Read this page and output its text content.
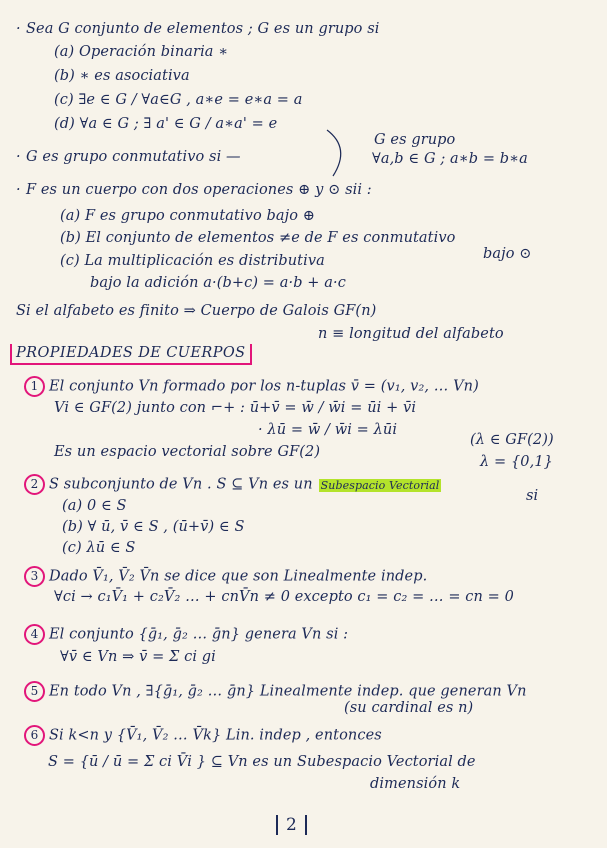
PROPIEDADES DE CUERPOS
2
· Sea G conjunto de elementos ; G es un grupo si
(a) Operación binaria ∗
(b) ∗ es asociativa
(c) ∃e ∈ G / ∀a∈G , a∗e = e∗a = a
(d) ∀a ∈ G ; ∃ a' ∈ G / a∗a' = e
G es grupo
· G es grupo conmutativo si —	∀a,b ∈ G ; a∗b = b∗a
· F es un cuerpo con dos operaciones ⊕ y ⊙ sii :
(a) F es grupo conmutativo bajo ⊕
(b) El conjunto de elementos ≠e de F es conmutativo
bajo ⊙
(c) La multiplicación es distributiva
bajo la adición a·(b+c) = a·b + a·c
Si el alfabeto es finito ⇒ Cuerpo de Galois GF(n)
n ≡ longitud del alfabeto
1 El conjunto Vn formado por los n-tuplas v̄ = (v₁, v₂, … Vn)
Vi ∈ GF(2) junto con ⌐+ : ū+v̄ = w̄ / w̄i = ūi + v̄i
· λū = w̄ / w̄i = λūi
(λ ∈ GF(2))
Es un espacio vectorial sobre GF(2)
λ = {0,1}
2 S subconjunto de Vn . S ⊆ Vn es un Subespacio Vectorial
si
(a) 0 ∈ S
(b) ∀ ū, v̄ ∈ S , (ū+v̄) ∈ S
(c) λū ∈ S
3 Dado V̄₁, V̄₂ V̄n se dice que son Linealmente indep.
∀ci → c₁V̄₁ + c₂V̄₂ … + cnV̄n ≠ 0 excepto c₁ = c₂ = … = cn = 0
4 El conjunto {ḡ₁, ḡ₂ … ḡn} genera Vn si :
∀v̄ ∈ Vn ⇒ v̄ = Σ ci gi
5 En todo Vn , ∃{ḡ₁, ḡ₂ … ḡn} Linealmente indep. que generan Vn
(su cardinal es n)
6 Si k<n y {V̄₁, V̄₂ … V̄k} Lin. indep , entonces
S = {ū / ū = Σ ci V̄i } ⊆ Vn es un Subespacio Vectorial de
dimensión k
